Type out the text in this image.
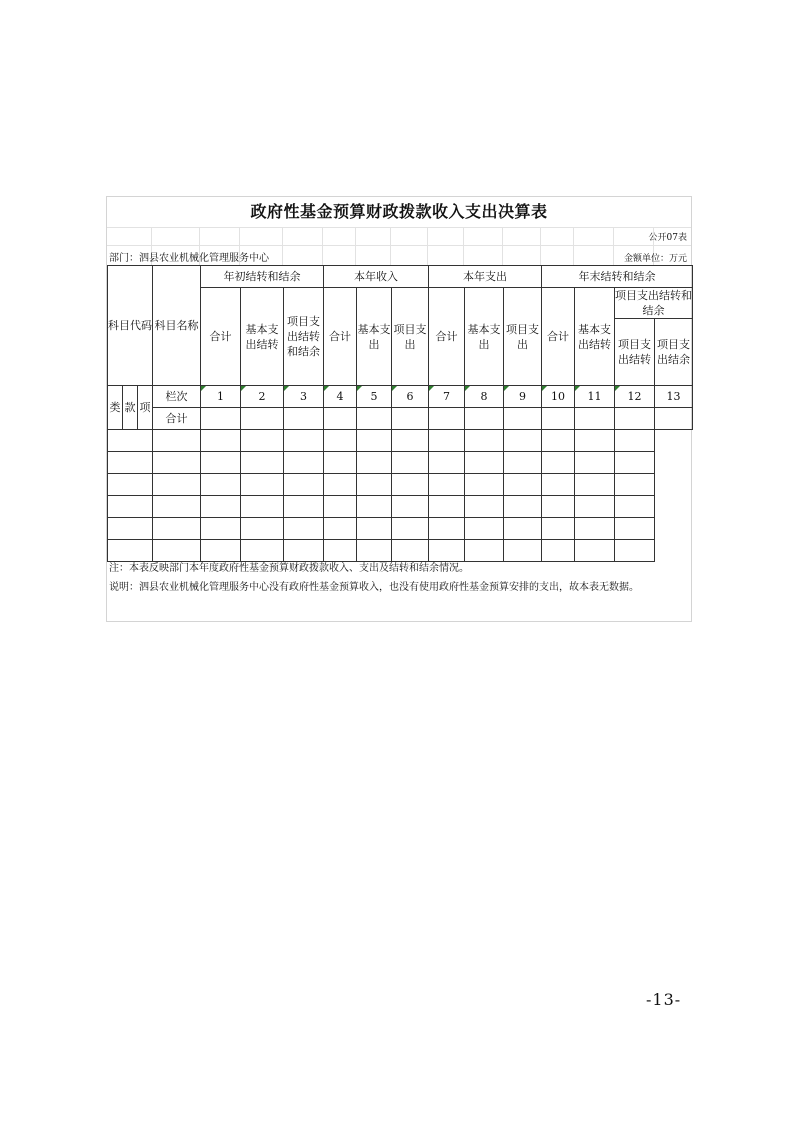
政府性基金预算财政拨款收入支出决算表
公开07表
部门：泗县农业机械化管理服务中心	金额单位：万元
科目代码			科目名称	年初结转和结余			本年收入			本年支出			年末结转和结余			
				合计	基本支出结转	项目支出结转和结余	合计	基本支出	项目支出	合计	基本支出	项目支出	合计	基本支出结转	项目支出结转和结余	
															项目支出结转	项目支出结余
类	款	项	栏次	1	2	3	4	5	6	7	8	9	10	11	12	13
			合计													

注：本表反映部门本年度政府性基金预算财政拨款收入、支出及结转和结余情况。
说明：泗县农业机械化管理服务中心没有政府性基金预算收入，也没有使用政府性基金预算安排的支出，故本表无数据。
-13-
